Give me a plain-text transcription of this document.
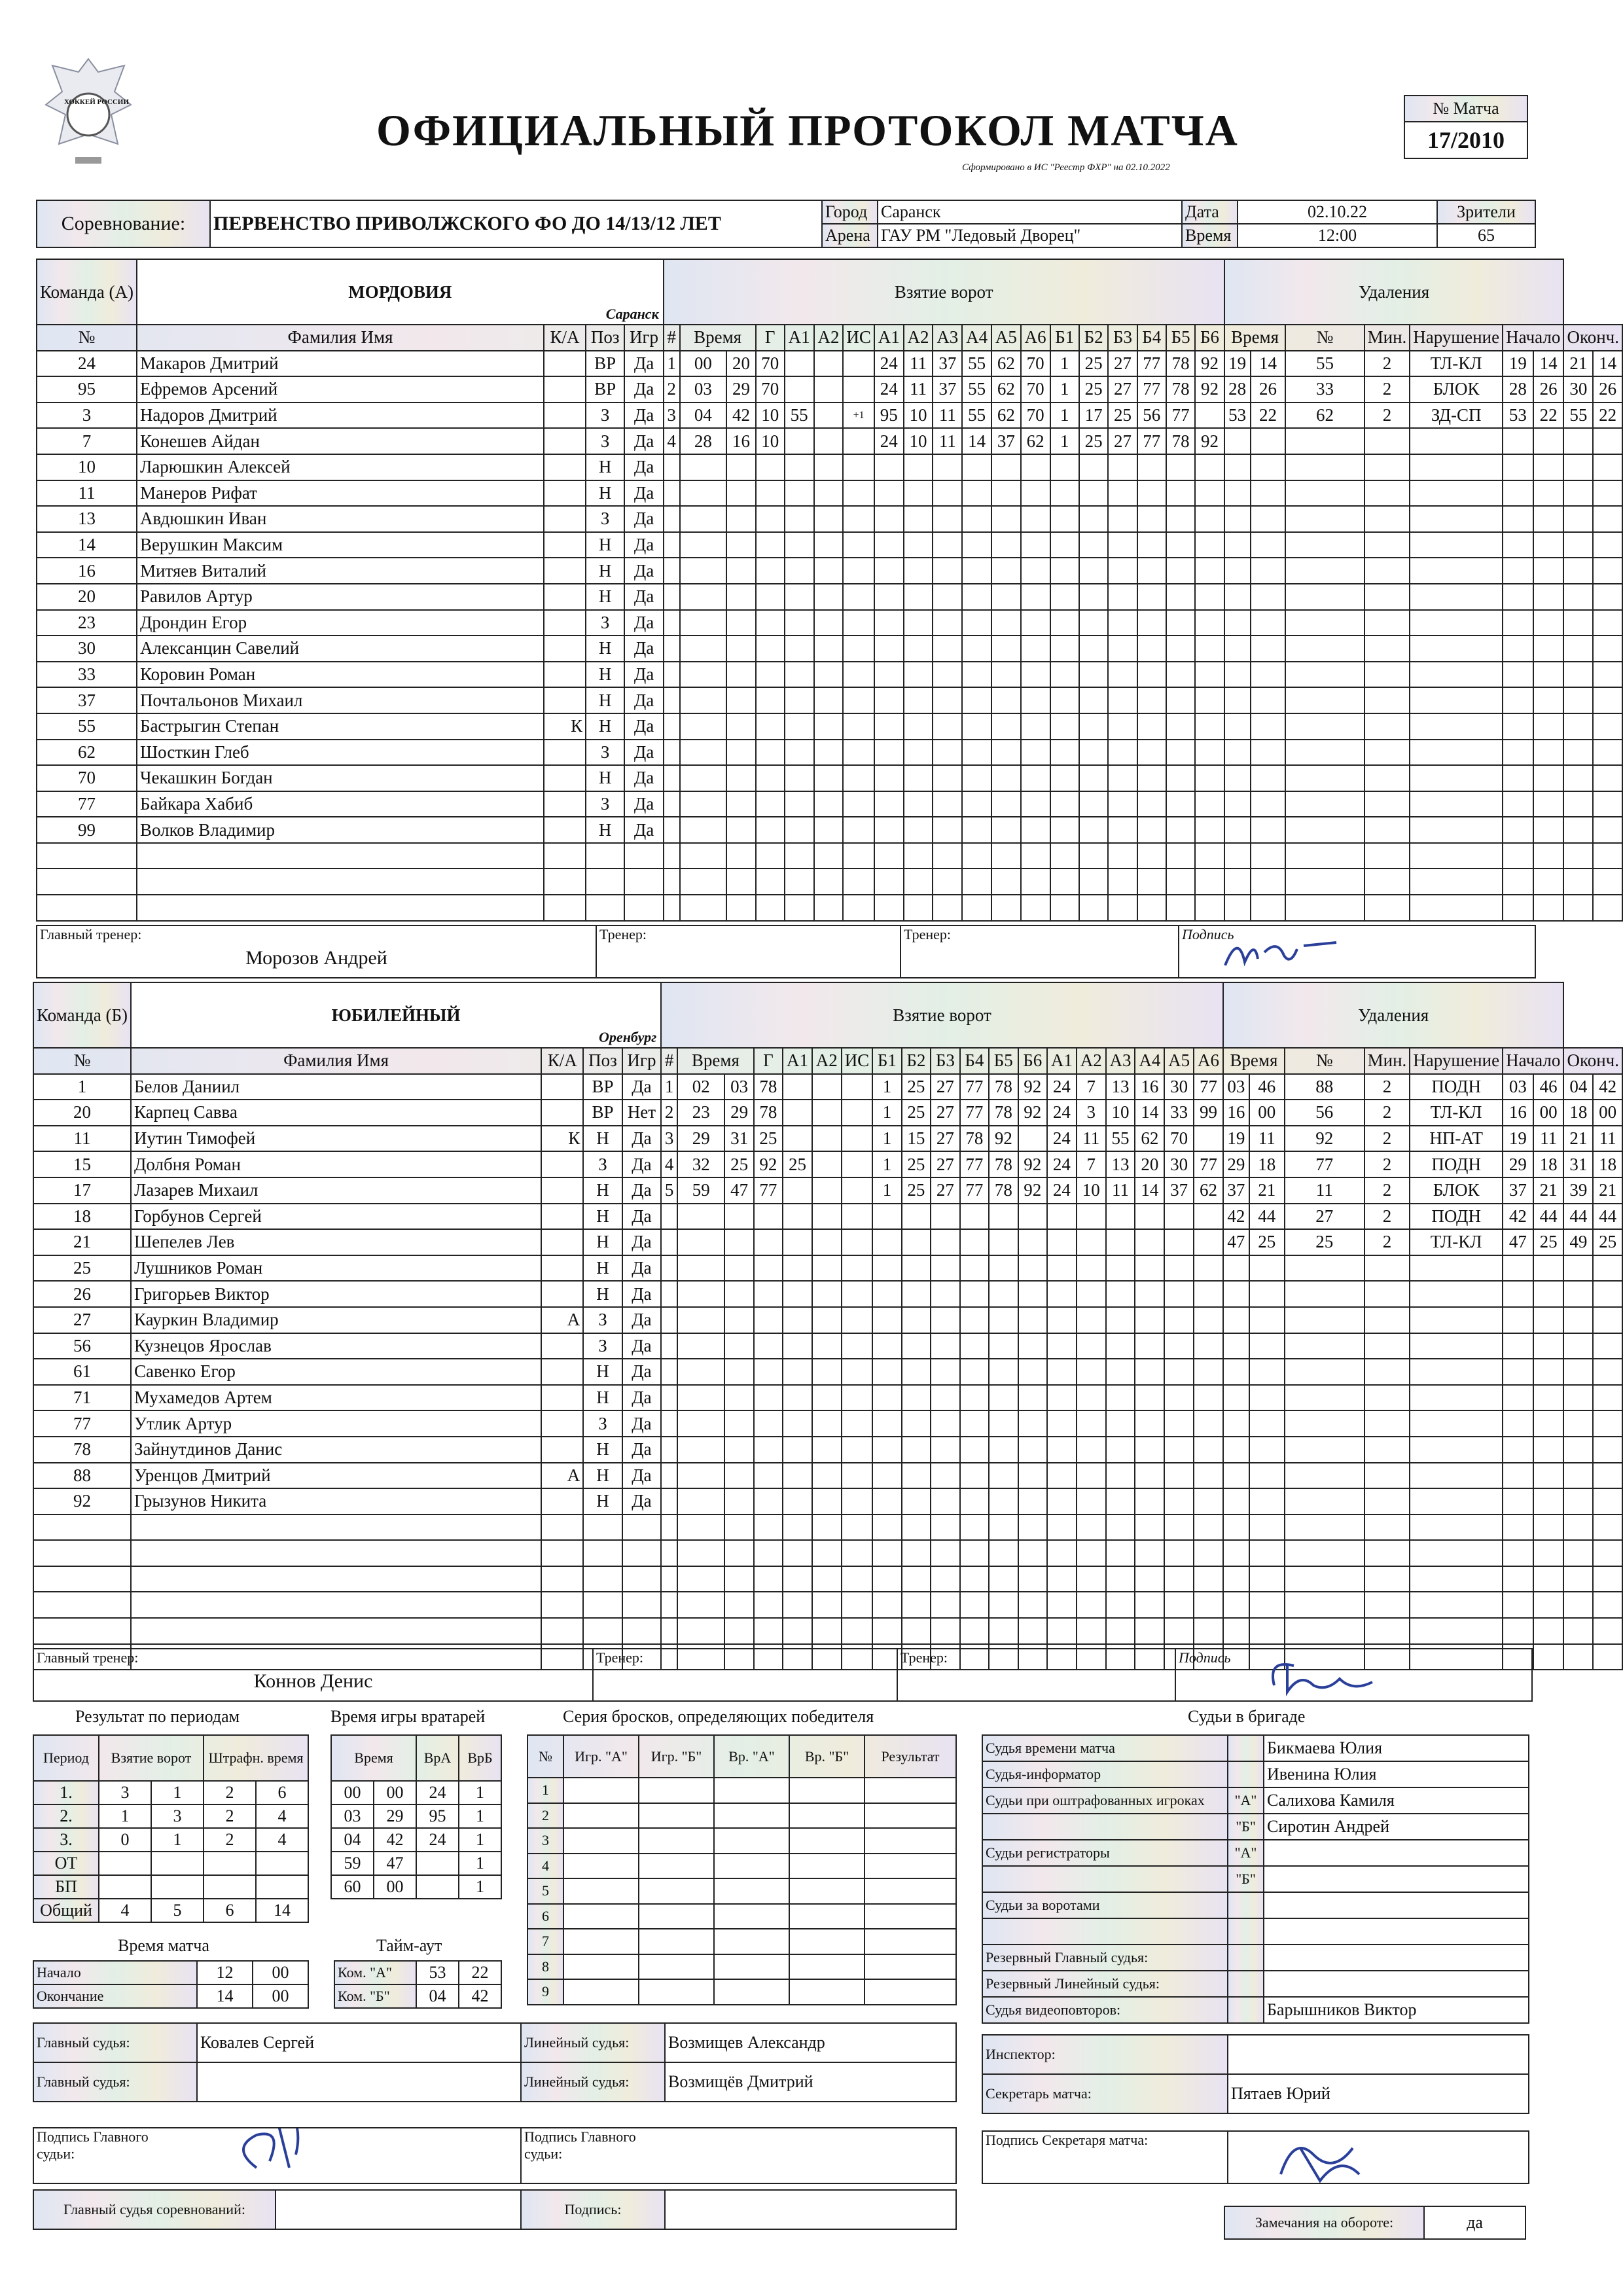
ХОККЕЙ РОССИИ
ОФИЦИАЛЬНЫЙ ПРОТОКОЛ МАТЧА
Сформировано в ИС "Реестр ФХР" на 02.10.2022
№ Матча
17/2010
Соревнование:	ПЕРВЕНСТВО ПРИВОЛЖСКОГО ФО ДО 14/13/12 ЛЕТ	Город	Саранск	Дата	02.10.22	Зрители
		Арена	ГАУ РМ "Ледовый Дворец"	Время	12:00	65
Команда (А)	МОРДОВИЯ
Саранск				Взятие ворот																			Удаления								
№	Фамилия Имя	К/А	Поз	Игр	#	Время		Г	А1	А2	ИС	А1	А2	А3	А4	А5	А6	Б1	Б2	Б3	Б4	Б5	Б6	Время		№	Мин.	Нарушение	Начало		Оконч.	
24	Макаров Дмитрий		ВР	Да	1	00	20	70				24	11	37	55	62	70	1	25	27	77	78	92	19	14	55	2	ТЛ-КЛ	19	14	21	14
95	Ефремов Арсений		ВР	Да	2	03	29	70				24	11	37	55	62	70	1	25	27	77	78	92	28	26	33	2	БЛОК	28	26	30	26
3	Надоров Дмитрий		З	Да	3	04	42	10	55		+1	95	10	11	55	62	70	1	17	25	56	77		53	22	62	2	ЗД-СП	53	22	55	22
7	Конешев Айдан		З	Да	4	28	16	10				24	10	11	14	37	62	1	25	27	77	78	92									
10	Ларюшкин Алексей		Н	Да																												
11	Манеров Рифат		Н	Да																												
13	Авдюшкин Иван		З	Да																												
14	Верушкин Максим		Н	Да																												
16	Митяев Виталий		Н	Да																												
20	Равилов Артур		Н	Да																												
23	Дрондин Егор		З	Да																												
30	Алексанцин Савелий		Н	Да																												
33	Коровин Роман		Н	Да																												
37	Почтальонов Михаил		Н	Да																												
55	Бастрыгин Степан	К	Н	Да																												
62	Шосткин Глеб		З	Да																												
70	Чекашкин Богдан		Н	Да																												
77	Байкара Хабиб		З	Да																												
99	Волков Владимир		Н	Да																												

Главный тренер:
Морозов Андрей
	Тренер:	Тренер:	Подпись
Команда (Б)	ЮБИЛЕЙНЫЙ
Оренбург				Взятие ворот																			Удаления								
№	Фамилия Имя	К/А	Поз	Игр	#	Время		Г	А1	А2	ИС	Б1	Б2	Б3	Б4	Б5	Б6	А1	А2	А3	А4	А5	А6	Время		№	Мин.	Нарушение	Начало		Оконч.	
1	Белов Даниил		ВР	Да	1	02	03	78				1	25	27	77	78	92	24	7	13	16	30	77	03	46	88	2	ПОДН	03	46	04	42
20	Карпец Савва		ВР	Нет	2	23	29	78				1	25	27	77	78	92	24	3	10	14	33	99	16	00	56	2	ТЛ-КЛ	16	00	18	00
11	Иутин Тимофей	К	Н	Да	3	29	31	25				1	15	27	78	92		24	11	55	62	70		19	11	92	2	НП-АТ	19	11	21	11
15	Долбня Роман		З	Да	4	32	25	92	25			1	25	27	77	78	92	24	7	13	20	30	77	29	18	77	2	ПОДН	29	18	31	18
17	Лазарев Михаил		Н	Да	5	59	47	77				1	25	27	77	78	92	24	10	11	14	37	62	37	21	11	2	БЛОК	37	21	39	21
18	Горбунов Сергей		Н	Да																				42	44	27	2	ПОДН	42	44	44	44
21	Шепелев Лев		Н	Да																				47	25	25	2	ТЛ-КЛ	47	25	49	25
25	Лушников Роман		Н	Да																												
26	Григорьев Виктор		Н	Да																												
27	Кауркин Владимир	А	З	Да																												
56	Кузнецов Ярослав		З	Да																												
61	Савенко Егор		Н	Да																												
71	Мухамедов Артем		Н	Да																												
77	Утлик Артур		З	Да																												
78	Зайнутдинов Данис		Н	Да																												
88	Уренцов Дмитрий	А	Н	Да																												
92	Грызунов Никита		Н	Да																												

Главный тренер:
Коннов Денис
	Тренер:	Тренер:	Подпись
Результат по периодам
Период	Взятие ворот		Штрафн. время	
1.	3	1	2	6
2.	1	3	2	4
3.	0	1	2	4
ОТ				
БП				
Общий	4	5	6	14
Время игры вратарей
Время		ВрА	ВрБ
00	00	24	1
03	29	95	1
04	42	24	1
59	47		1
60	00		1
Время матча
Начало	12	00
Окончание	14	00
Тайм-аут
Ком. "А"	53	22
Ком. "Б"	04	42
Серия бросков, определяющих победителя
№	Игр. "А"	Игр. "Б"	Вр. "А"	Вр. "Б"	Результат
1					
2					
3					
4					
5					
6					
7					
8					
9					
Судьи в бригаде
Судья времени матча		Бикмаева Юлия
Судья-информатор		Ивенина Юлия
Судьи при оштрафованных игроках	"А"	Салихова Камиля
	"Б"	Сиротин Андрей
Судьи регистраторы	"А"	
	"Б"	
Судьи за воротами		

Резервный Главный судья:		
Резервный Линейный судья:		
Судья видеоповторов:		Барышников Виктор
Главный судья:	Ковалев Сергей	Линейный судья:	Возмищев Александр
Главный судья:		Линейный судья:	Возмищёв Дмитрий
Подпись Главного судьи:

Подпись Главного судьи:
Главный судья соревнований:		Подпись:	
Инспектор:	
Секретарь матча:	Пятаев Юрий
Подпись Секретаря матча:	
Замечания на обороте:	да
